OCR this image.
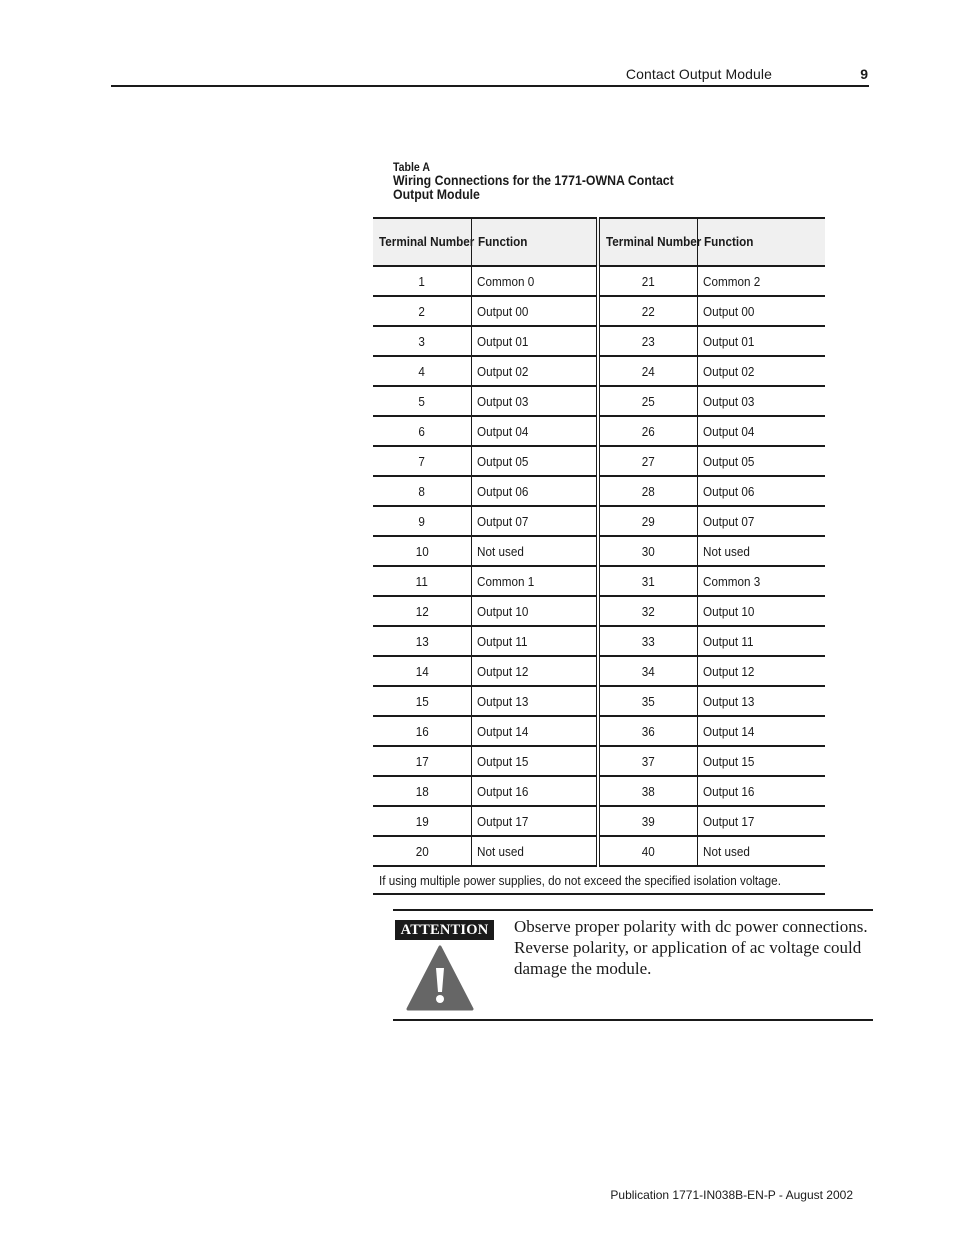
Contact Output Module	9
Table A
Wiring Connections for the 1771-OWNA Contact Output Module
Terminal Number	Function	Terminal Number	Function
1	Common 0	21	Common 2
2	Output 00	22	Output 00
3	Output 01	23	Output 01
4	Output 02	24	Output 02
5	Output 03	25	Output 03
6	Output 04	26	Output 04
7	Output 05	27	Output 05
8	Output 06	28	Output 06
9	Output 07	29	Output 07
10	Not used	30	Not used
11	Common 1	31	Common 3
12	Output 10	32	Output 10
13	Output 11	33	Output 11
14	Output 12	34	Output 12
15	Output 13	35	Output 13
16	Output 14	36	Output 14
17	Output 15	37	Output 15
18	Output 16	38	Output 16
19	Output 17	39	Output 17
20	Not used	40	Not used
If using multiple power supplies, do not exceed the specified isolation voltage.			
ATTENTION	Observe proper polarity with dc power connections. Reverse polarity, or application of ac voltage could damage the module.
Publication 1771-IN038B-EN-P - August 2002
